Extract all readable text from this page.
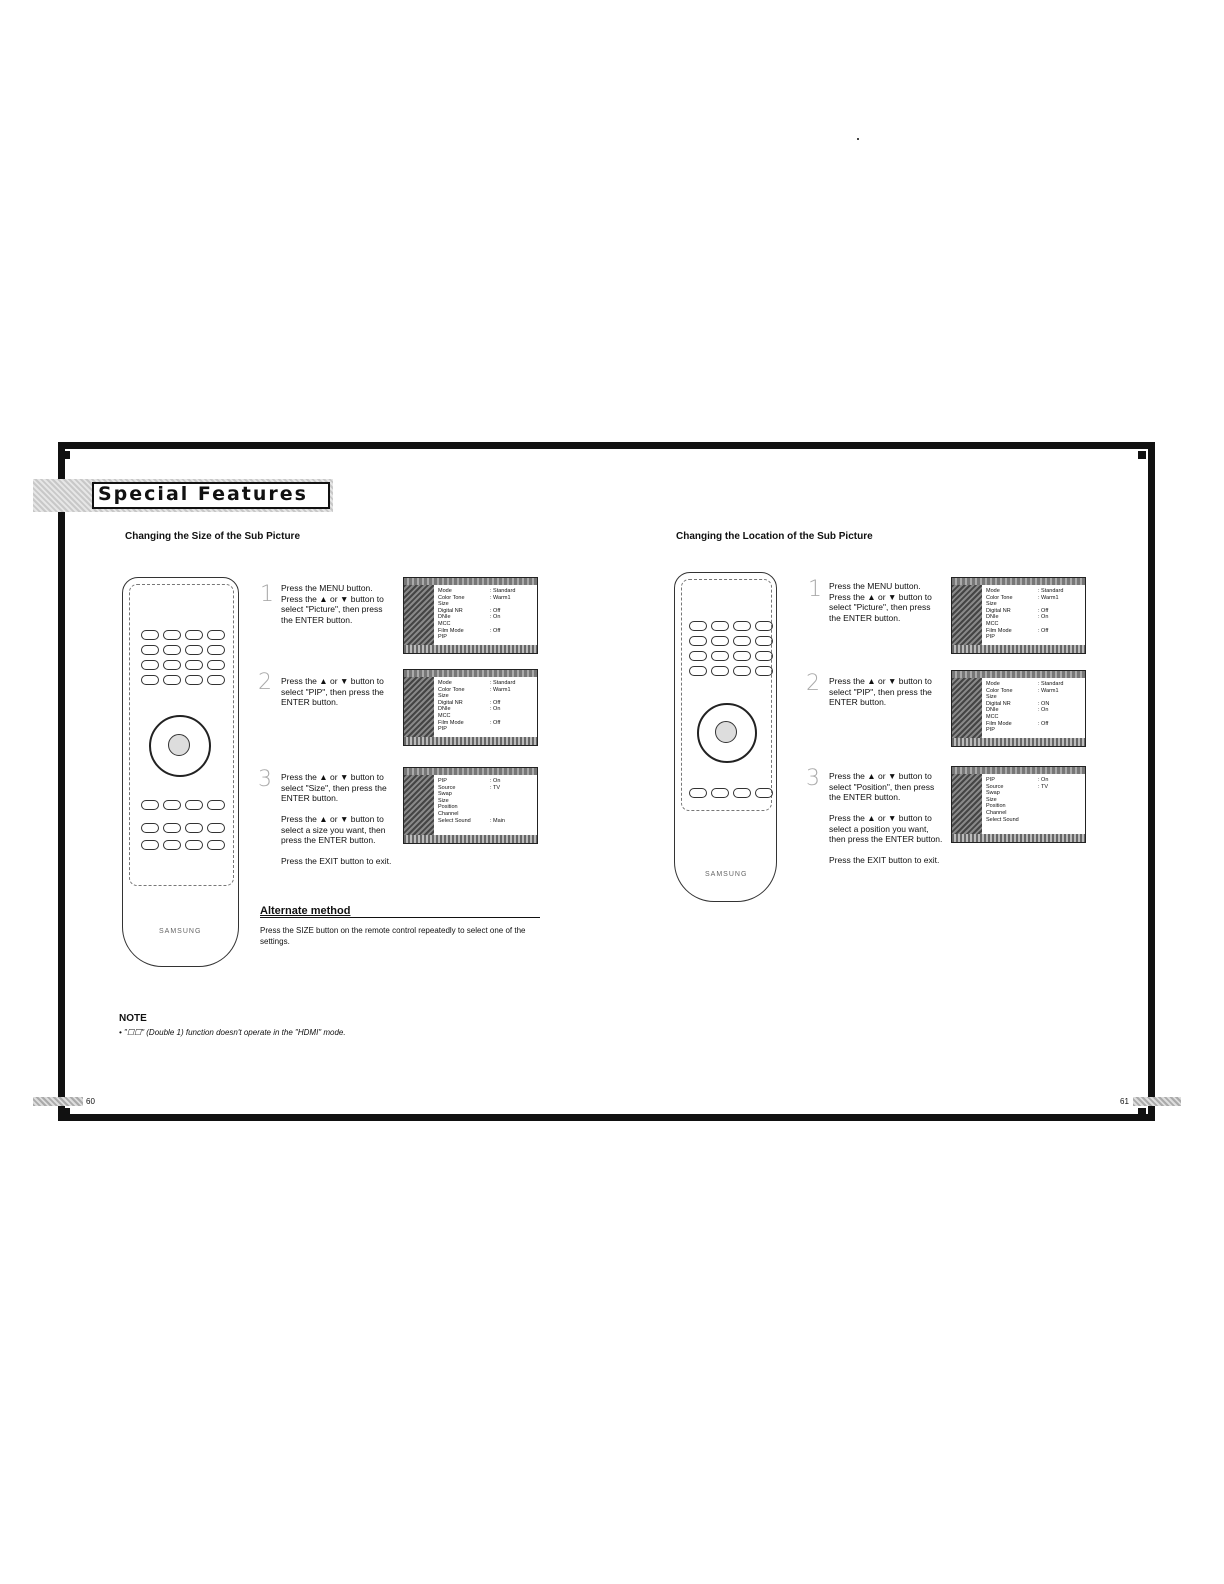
Special Features
Changing the Size of the Sub Picture
SAMSUNG
1 Press the MENU button.
Press the ▲ or ▼ button to
select "Picture", then press
the ENTER button.
Mode	: Standard
Color Tone	: Warm1
Size
Digital NR	: Off
DNIe	: On
MCC
Film Mode	: Off
PIP
2 Press the ▲ or ▼ button to
select "PIP", then press the
ENTER button.
Mode	: Standard
Color Tone	: Warm1
Size
Digital NR	: Off
DNIe	: On
MCC
Film Mode	: Off
PIP
3 Press the ▲ or ▼ button to
select "Size", then press the
ENTER button.

Press the ▲ or ▼ button to
select a size you want, then
press the ENTER button.

Press the EXIT button to exit.
PIP	: On
Source	: TV
Swap
Size
Position
Channel
Select Sound	: Main
Alternate method
Press the SIZE button on the remote control repeatedly to select one of the settings.
NOTE
• "☐☐" (Double 1) function doesn't operate in the "HDMI" mode.
60
Changing the Location of the Sub Picture
SAMSUNG
1 Press the MENU button.
Press the ▲ or ▼ button to
select "Picture", then press
the ENTER button.
Mode	: Standard
Color Tone	: Warm1
Size
Digital NR	: Off
DNIe	: On
MCC
Film Mode	: Off
PIP
2 Press the ▲ or ▼ button to
select "PIP", then press the
ENTER button.
Mode	: Standard
Color Tone	: Warm1
Size
Digital NR	: ON
DNIe	: On
MCC
Film Mode	: Off
PIP
3 Press the ▲ or ▼ button to
select "Position", then press
the ENTER button.

Press the ▲ or ▼ button to
select a position you want,
then press the ENTER button.

Press the EXIT button to exit.
PIP	: On
Source	: TV
Swap
Size
Position
Channel
Select Sound
61
